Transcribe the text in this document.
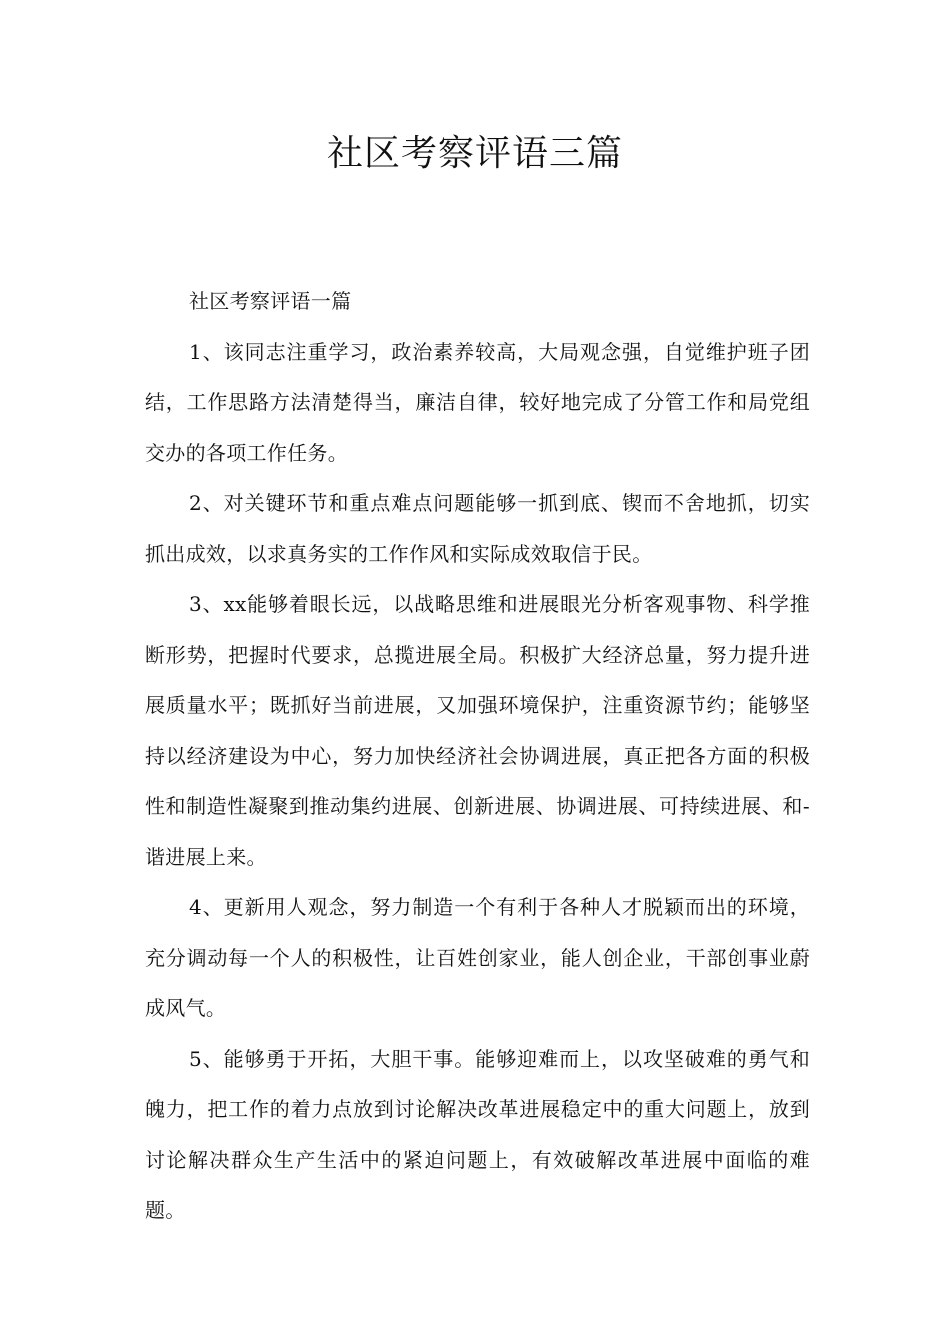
社区考察评语三篇

社区考察评语一篇

1、该同志注重学习，政治素养较高，大局观念强，自觉维护班子团结，工作思路方法清楚得当，廉洁自律，较好地完成了分管工作和局党组交办的各项工作任务。

2、对关键环节和重点难点问题能够一抓到底、锲而不舍地抓，切实抓出成效，以求真务实的工作作风和实际成效取信于民。

3、xx能够着眼长远，以战略思维和进展眼光分析客观事物、科学推断形势，把握时代要求，总揽进展全局。积极扩大经济总量，努力提升进展质量水平；既抓好当前进展，又加强环境保护，注重资源节约；能够坚持以经济建设为中心，努力加快经济社会协调进展，真正把各方面的积极性和制造性凝聚到推动集约进展、创新进展、协调进展、可持续进展、和-谐进展上来。

4、更新用人观念，努力制造一个有利于各种人才脱颖而出的环境，充分调动每一个人的积极性，让百姓创家业，能人创企业，干部创事业蔚成风气。

5、能够勇于开拓，大胆干事。能够迎难而上，以攻坚破难的勇气和魄力，把工作的着力点放到讨论解决改革进展稳定中的重大问题上，放到讨论解决群众生产生活中的紧迫问题上，有效破解改革进展中面临的难题。
